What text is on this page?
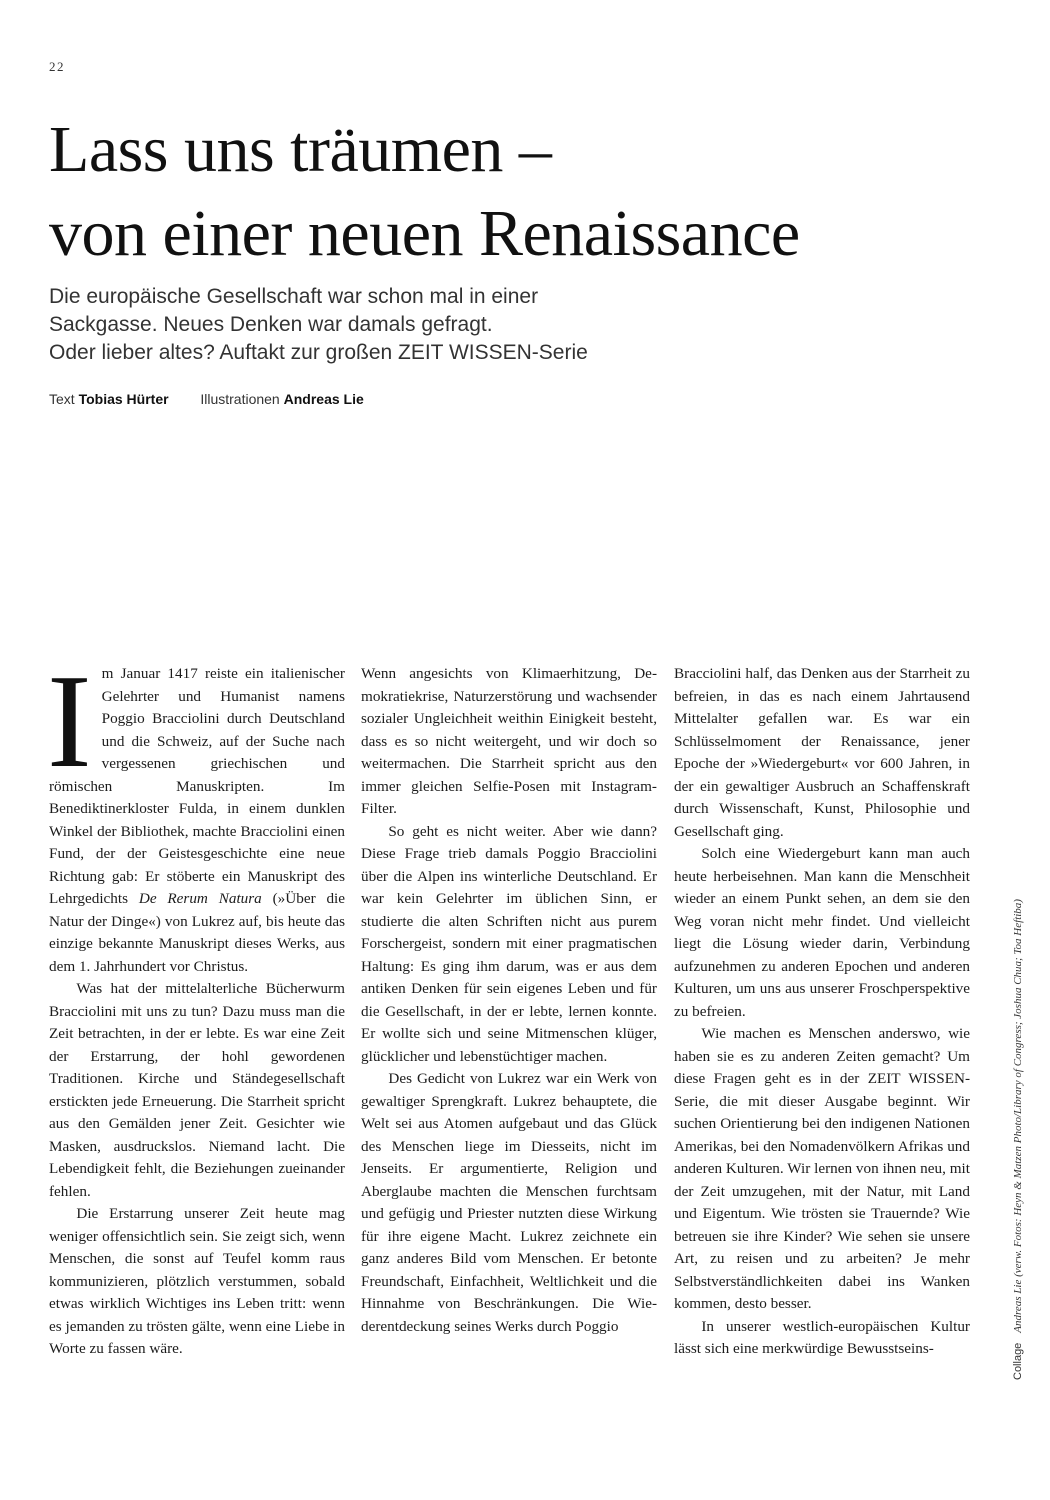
22
Lass uns träumen –
von einer neuen Renaissance
Die europäische Gesellschaft war schon mal in einer
Sackgasse. Neues Denken war damals gefragt.
Oder lieber altes? Auftakt zur großen ZEIT WISSEN-Serie
Text Tobias Hürter Illustrationen Andreas Lie

Im Januar 1417 reiste ein italienischer Gelehrter und Humanist namens Poggio Bracciolini durch Deutschland und die Schweiz, auf der Suche nach vergessenen griechischen und römischen Manuskripten. Im Benediktinerkloster Fulda, in einem dunklen Winkel der Bibliothek, machte Bracciolini einen Fund, der der Geistesgeschichte eine neue Richtung gab: Er stöberte ein Manuskript des Lehrgedichts De Rerum Natura (»Über die Natur der Dinge«) von Lukrez auf, bis heute das einzige bekannte Manuskript dieses Werks, aus dem 1. Jahrhundert vor Christus.

Was hat der mittelalterliche Bücherwurm Bracciolini mit uns zu tun? Dazu muss man die Zeit betrachten, in der er lebte. Es war eine Zeit der Erstarrung, der hohl gewordenen Traditionen. Kirche und Ständegesellschaft erstickten jede Erneuerung. Die Starrheit spricht aus den Gemälden jener Zeit. Gesichter wie Masken, ausdruckslos. Niemand lacht. Die Lebendigkeit fehlt, die Beziehungen zueinander fehlen.

Die Erstarrung unserer Zeit heute mag weniger offensichtlich sein. Sie zeigt sich, wenn Menschen, die sonst auf Teufel komm raus kommunizieren, plötzlich verstummen, sobald etwas wirklich Wichtiges ins Leben tritt: wenn es jemanden zu trösten gälte, wenn eine Liebe in Worte zu fassen wäre.

Wenn angesichts von Klimaerhitzung, Demokratiekrise, Naturzerstörung und wachsender sozialer Ungleichheit weithin Einigkeit besteht, dass es so nicht weitergeht, und wir doch so weitermachen. Die Starrheit spricht aus den immer gleichen Selfie-Posen mit Instagram-Filter.

So geht es nicht weiter. Aber wie dann? Diese Frage trieb damals Poggio Bracciolini über die Alpen ins winterliche Deutschland. Er war kein Gelehrter im üblichen Sinn, er studierte die alten Schriften nicht aus purem Forschergeist, sondern mit einer pragmatischen Haltung: Es ging ihm darum, was er aus dem antiken Denken für sein eigenes Leben und für die Gesellschaft, in der er lebte, lernen konnte. Er wollte sich und seine Mitmenschen klüger, glücklicher und lebenstüchtiger machen.

Des Gedicht von Lukrez war ein Werk von gewaltiger Sprengkraft. Lukrez behauptete, die Welt sei aus Atomen aufgebaut und das Glück des Menschen liege im Diesseits, nicht im Jenseits. Er argumentierte, Religion und Aberglaube machten die Menschen furchtsam und gefügig und Priester nutzten diese Wirkung für ihre eigene Macht. Lukrez zeichnete ein ganz anderes Bild vom Menschen. Er betonte Freundschaft, Einfachheit, Weltlichkeit und die Hinnahme von Beschränkungen. Die Wiederentdeckung seines Werks durch Poggio

Bracciolini half, das Denken aus der Starrheit zu befreien, in das es nach einem Jahrtausend Mittelalter gefallen war. Es war ein Schlüsselmoment der Renaissance, jener Epoche der »Wiedergeburt« vor 600 Jahren, in der ein gewaltiger Ausbruch an Schaffenskraft durch Wissenschaft, Kunst, Philosophie und Gesellschaft ging.

Solch eine Wiedergeburt kann man auch heute herbeisehnen. Man kann die Menschheit wieder an einem Punkt sehen, an dem sie den Weg voran nicht mehr findet. Und vielleicht liegt die Lösung wieder darin, Verbindung aufzunehmen zu anderen Epochen und anderen Kulturen, um uns aus unserer Froschperspektive zu befreien.

Wie machen es Menschen anderswo, wie haben sie es zu anderen Zeiten gemacht? Um diese Fragen geht es in der ZEIT WISSEN-Serie, die mit dieser Ausgabe beginnt. Wir suchen Orientierung bei den indigenen Nationen Amerikas, bei den Nomadenvölkern Afrikas und anderen Kulturen. Wir lernen von ihnen neu, mit der Zeit umzugehen, mit der Natur, mit Land und Eigentum. Wie trösten sie Trauernde? Wie betreuen sie ihre Kinder? Wie sehen sie unsere Art, zu reisen und zu arbeiten? Je mehr Selbstverständlichkeiten dabei ins Wanken kommen, desto besser.

In unserer westlich-europäischen Kultur lässt sich eine merkwürdige Bewusstseins-	CollageAndreas Lie (verw. Fotos: Heyn & Matzen Photo/Library of Congress; Joshua Chua; Toa Heftiba)
